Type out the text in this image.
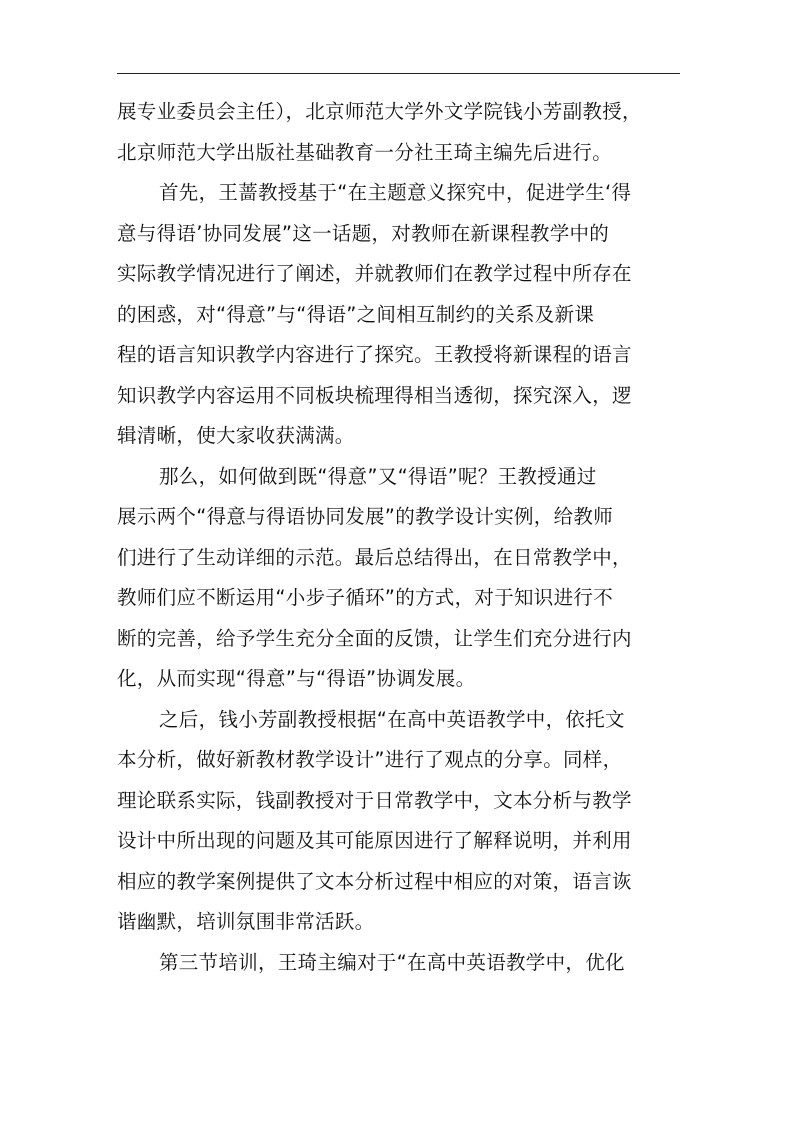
展专业委员会主任），北京师范大学外文学院钱小芳副教授，
北京师范大学出版社基础教育一分社王琦主编先后进行。
首先，王蔷教授基于“在主题意义探究中，促进学生‘得
意与得语’协同发展”这一话题，对教师在新课程教学中的
实际教学情况进行了阐述，并就教师们在教学过程中所存在
的困惑，对“得意”与“得语”之间相互制约的关系及新课
程的语言知识教学内容进行了探究。王教授将新课程的语言
知识教学内容运用不同板块梳理得相当透彻，探究深入，逻
辑清晰，使大家收获满满。
那么，如何做到既“得意”又“得语”呢？王教授通过
展示两个“得意与得语协同发展”的教学设计实例，给教师
们进行了生动详细的示范。最后总结得出，在日常教学中，
教师们应不断运用“小步子循环”的方式，对于知识进行不
断的完善，给予学生充分全面的反馈，让学生们充分进行内
化，从而实现“得意”与“得语”协调发展。
之后，钱小芳副教授根据“在高中英语教学中，依托文
本分析，做好新教材教学设计”进行了观点的分享。同样，
理论联系实际，钱副教授对于日常教学中，文本分析与教学
设计中所出现的问题及其可能原因进行了解释说明，并利用
相应的教学案例提供了文本分析过程中相应的对策，语言诙
谐幽默，培训氛围非常活跃。
第三节培训，王琦主编对于“在高中英语教学中，优化
